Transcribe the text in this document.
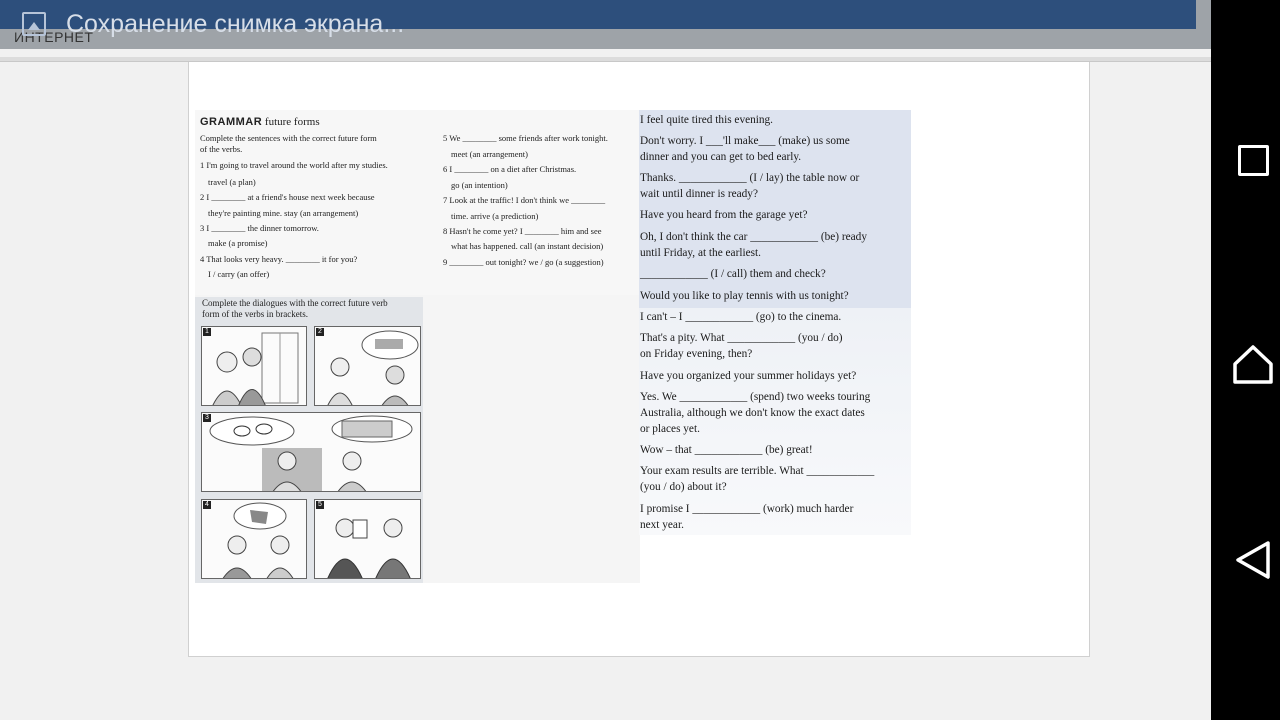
ИНТЕРНЕТ
Сохранение снимка экрана...
GRAMMAR future forms
Complete the sentences with the correct future form
of the verbs.
1 I'm going to travel around the world after my studies.
travel (a plan)
2 I ________ at a friend's house next week because
they're painting mine. stay (an arrangement)
3 I ________ the dinner tomorrow.
make (a promise)
4 That looks very heavy. ________ it for you?
I / carry (an offer)
5 We ________ some friends after work tonight.
meet (an arrangement)
6 I ________ on a diet after Christmas.
go (an intention)
7 Look at the traffic! I don't think we ________
time. arrive (a prediction)
8 Hasn't he come yet? I ________ him and see
what has happened. call (an instant decision)
9 ________ out tonight? we / go (a suggestion)
Complete the dialogues with the correct future verb
form of the verbs in brackets.
1	2
3
4	5
I feel quite tired this evening.
Don't worry. I ___'ll make___ (make) us some
dinner and you can get to bed early.
Thanks. ____________ (I / lay) the table now or
wait until dinner is ready?
Have you heard from the garage yet?
Oh, I don't think the car ____________ (be) ready
until Friday, at the earliest.
____________ (I / call) them and check?
Would you like to play tennis with us tonight?
I can't – I ____________ (go) to the cinema.
That's a pity. What ____________ (you / do)
on Friday evening, then?
Have you organized your summer holidays yet?
Yes. We ____________ (spend) two weeks touring
Australia, although we don't know the exact dates
or places yet.
Wow – that ____________ (be) great!
Your exam results are terrible. What ____________
(you / do) about it?
I promise I ____________ (work) much harder
next year.
